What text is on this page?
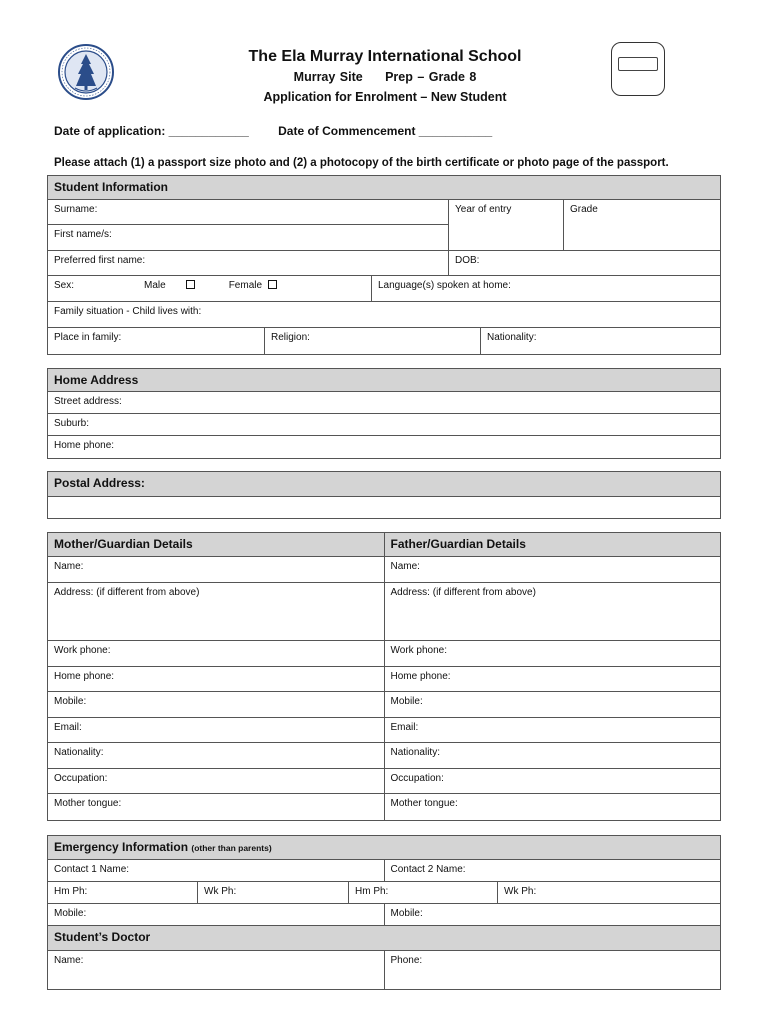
The Ela Murray International School
Murray Site     Prep – Grade 8
Application for Enrolment – New Student
Date of application: ____________ Date of Commencement ___________
Please attach (1) a passport size photo and (2) a photocopy of the birth certificate or photo page of the passport.
Student Information
Surname:
First name/s:
Year of entry	Grade
Preferred first name:	DOB:
Sex:	Male	Female	Language(s) spoken at home:
Family situation - Child lives with:
Place in family:	Religion:	Nationality:
Home Address
Street address:
Suburb:
Home phone:
Postal Address:
Mother/Guardian Details	Father/Guardian Details
Name:	Name:
Address: (if different from above)	Address: (if different from above)
Work phone:	Work phone:
Home phone:	Home phone:
Mobile:	Mobile:
Email:	Email:
Nationality:	Nationality:
Occupation:	Occupation:
Mother tongue:	Mother tongue:
Emergency Information (other than parents)
Contact 1 Name:	Contact 2 Name:
Hm Ph:	Wk Ph:	Hm Ph:	Wk Ph:
Mobile:	Mobile:
Student’s Doctor
Name:	Phone:
